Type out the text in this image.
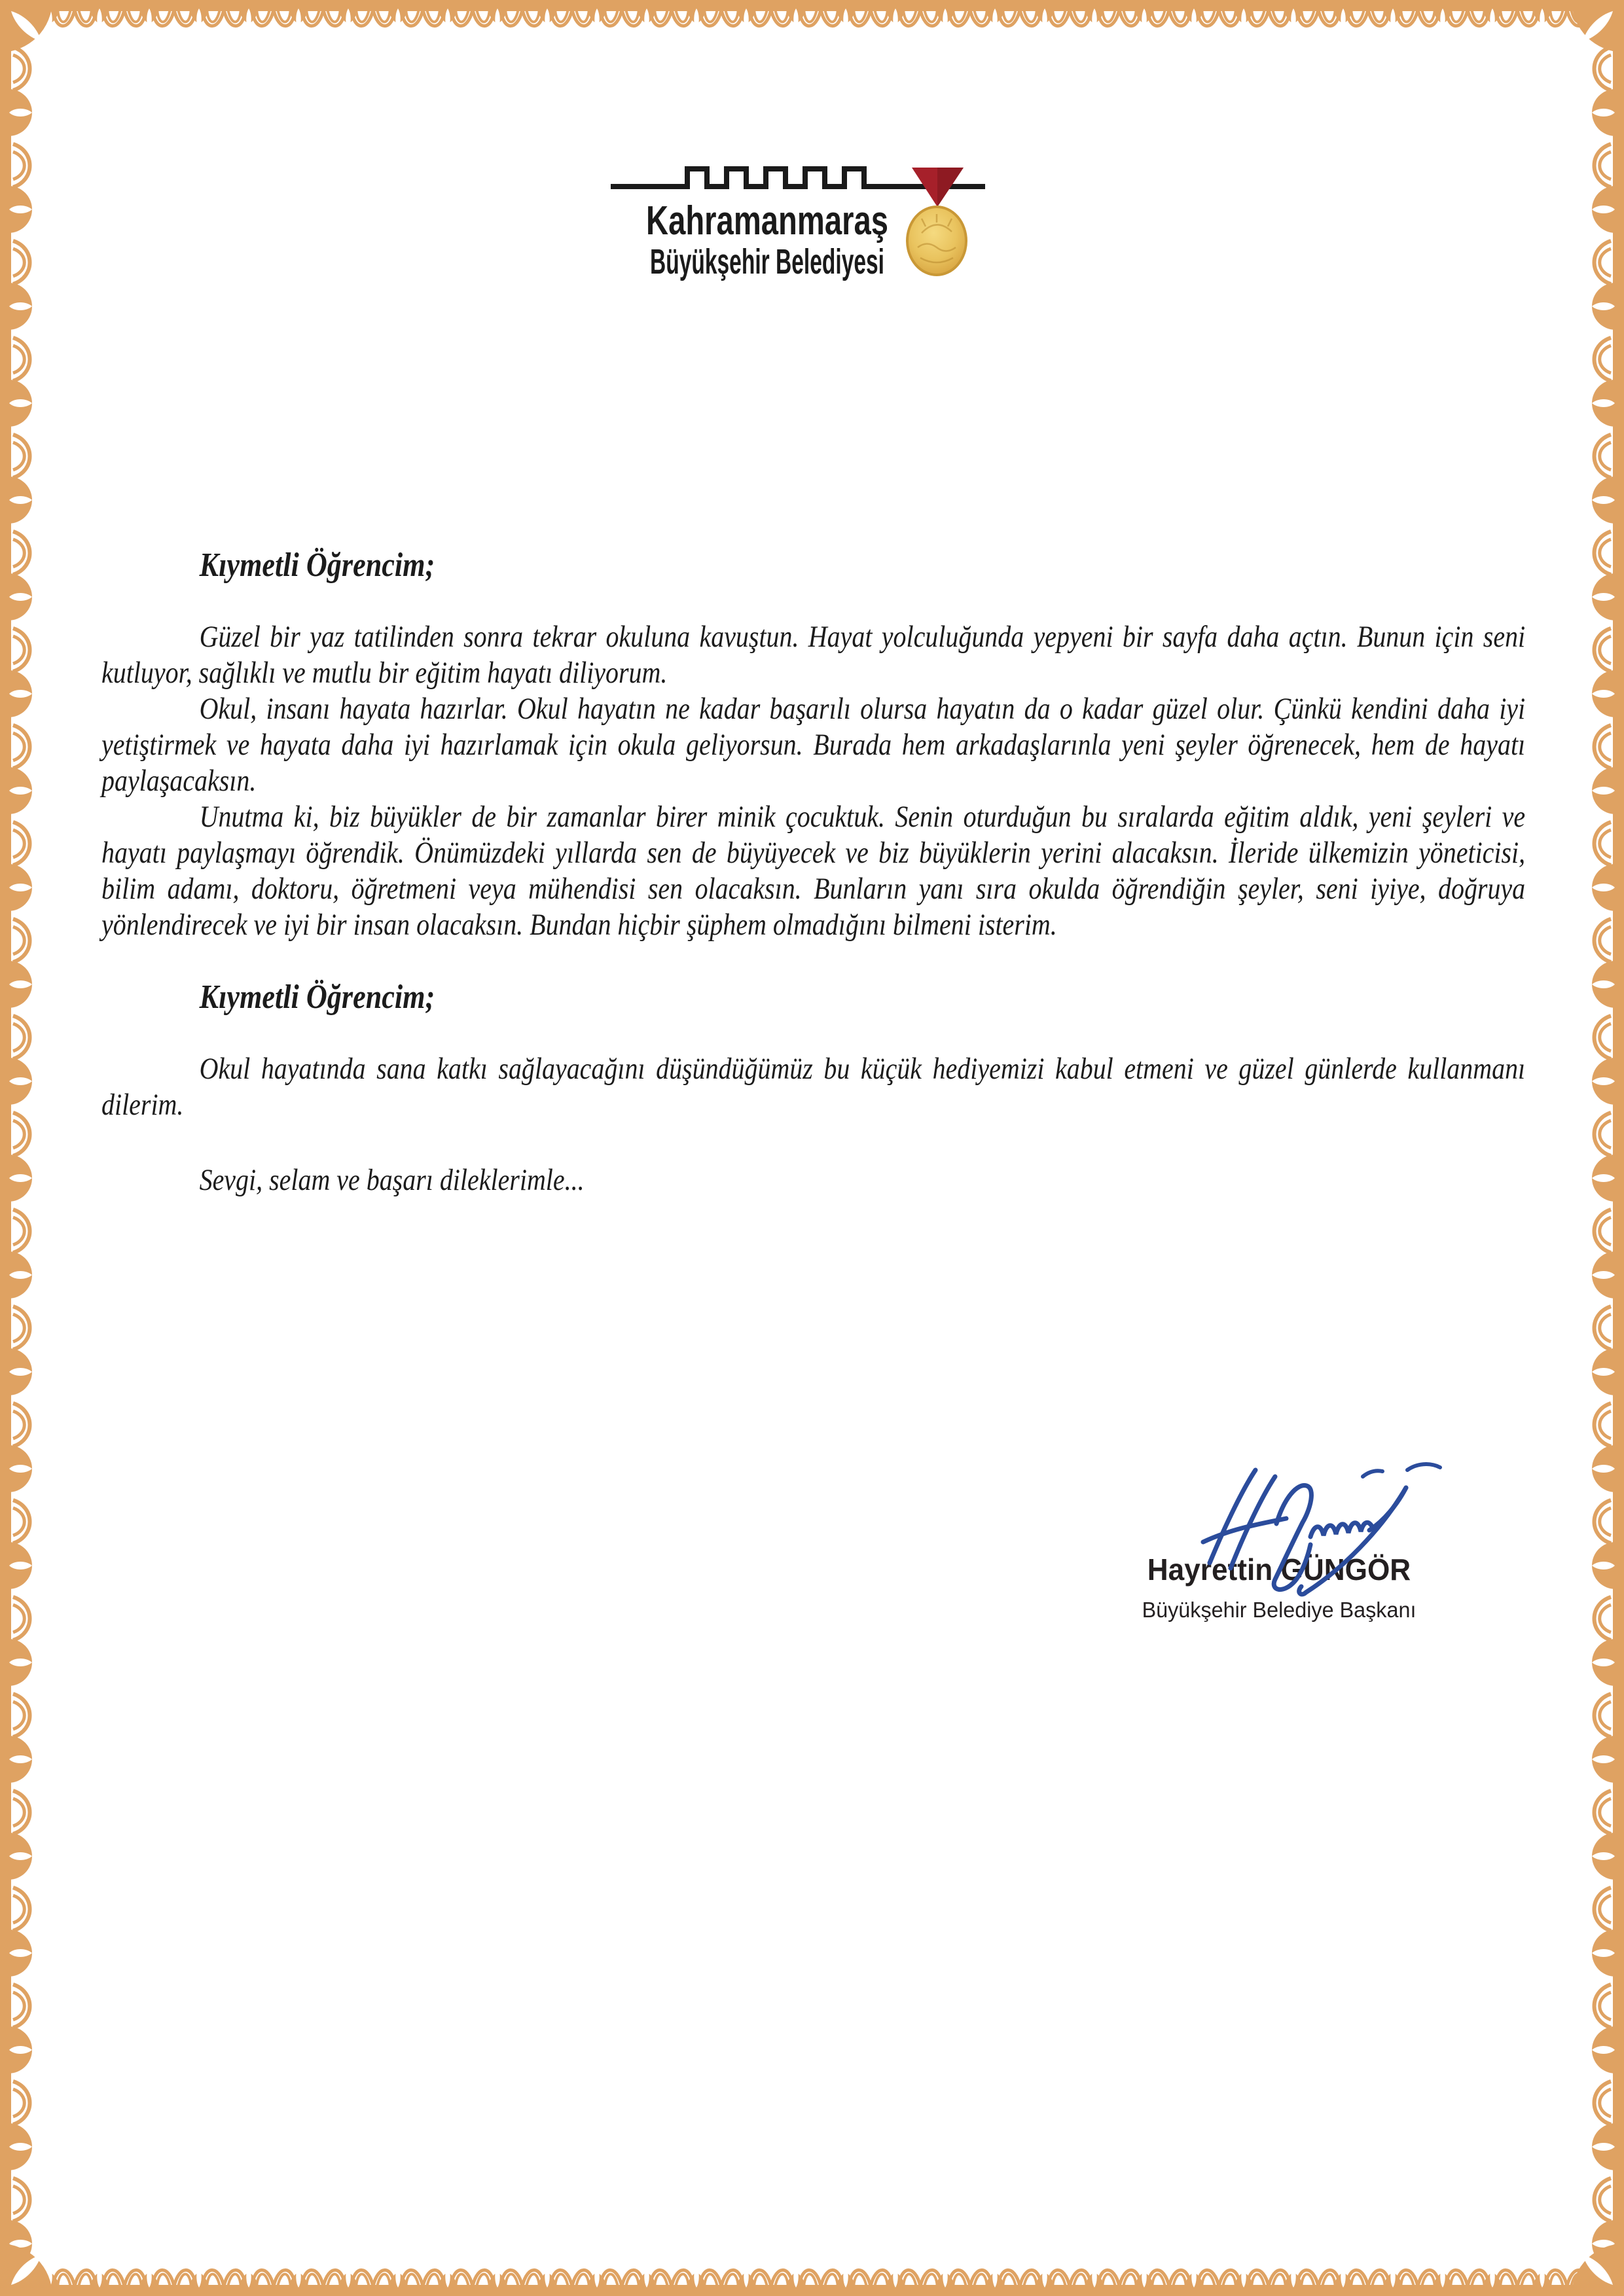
Kahramanmaraş
Büyükşehir Belediyesi

Kıymetli Öğrencim;

Güzel bir yaz tatilinden sonra tekrar okuluna kavuştun. Hayat yolculuğunda yepyeni bir sayfa daha açtın. Bunun için seni kutluyor, sağlıklı ve mutlu bir eğitim hayatı diliyorum.

Okul, insanı hayata hazırlar. Okul hayatın ne kadar başarılı olursa hayatın da o kadar güzel olur. Çünkü kendini daha iyi yetiştirmek ve hayata daha iyi hazırlamak için okula geliyorsun. Burada hem arkadaşlarınla yeni şeyler öğrenecek, hem de hayatı paylaşacaksın.

Unutma ki, biz büyükler de bir zamanlar birer minik çocuktuk. Senin oturduğun bu sıralarda eğitim aldık, yeni şeyleri ve hayatı paylaşmayı öğrendik. Önümüzdeki yıllarda sen de büyüyecek ve biz büyüklerin yerini alacaksın. İleride ülkemizin yöneticisi, bilim adamı, doktoru, öğretmeni veya mühendisi sen olacaksın. Bunların yanı sıra okulda öğrendiğin şeyler, seni iyiye, doğruya yönlendirecek ve iyi bir insan olacaksın. Bundan hiçbir şüphem olmadığını bilmeni isterim.

Kıymetli Öğrencim;

Okul hayatında sana katkı sağlayacağını düşündüğümüz bu küçük hediyemizi kabul etmeni ve güzel günlerde kullanmanı dilerim.

Sevgi, selam ve başarı dileklerimle...

Hayrettin GÜNGÖR
Büyükşehir Belediye Başkanı
